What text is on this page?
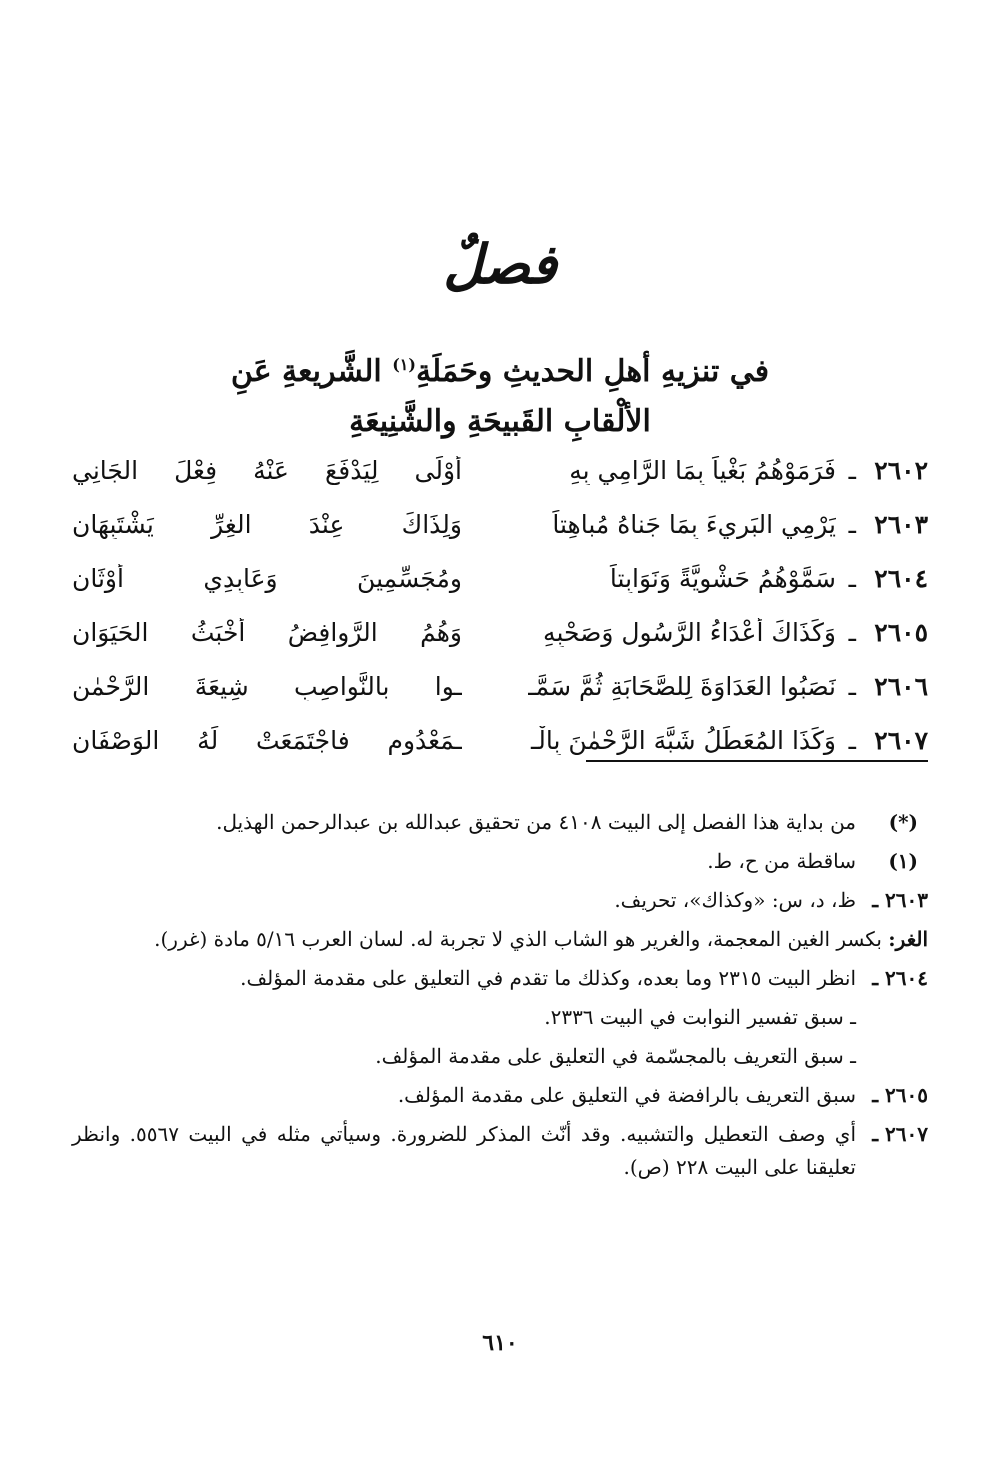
فصلٌ
في تنزيهِ أهلِ الحديثِ وحَمَلَةِ$^{(١)}$ الشَّريعةِ عَنِ
الألْقابِ القَبيحَةِ والشَّنِيعَةِ
٢٦٠٢
ـ
فَرَمَوْهُمُ بَغْياً بِمَا الرَّامِي بِهِ
أوْلَى لِيَدْفَعَ عَنْهُ فِعْلَ الجَانِي
٢٦٠٣
ـ
يَرْمِي البَرِيءَ بِمَا جَناهُ مُباهِتاً
وَلِذَاكَ عِنْدَ الغِرِّ يَشْتَبِهَانِ
٢٦٠٤
ـ
سَمَّوْهُمُ حَشْوِيَّةً وَنَوَابِتاً
ومُجَسِّمِينَ وَعَابِدِي أوْثَانِ
٢٦٠٥
ـ
وَكَذَاكَ أعْدَاءُ الرَّسُولِ وَصَحْبِهِ
وَهُمُ الرَّوافِضُ أخْبَثُ الحَيَوَانِ
٢٦٠٦
ـ
نَصَبُوا العَدَاوَةَ لِلصَّحَابَةِ ثُمَّ سَمَّـ
ـوا بالنَّواصِبِ شِيعَةَ الرَّحْمٰنِ
٢٦٠٧
ـ
وَكَذَا المُعَطِّلُ شَبَّهَ الرَّحْمٰنَ بِالْـ
ـمَعْدُومِ فاجْتَمَعَتْ لَهُ الوَصْفَانِ
(*)
من بداية هذا الفصل إلى البيت ٤١٠٨ من تحقيق عبدالله بن عبدالرحمن الهذيل.
(١)
ساقطة من ح، ط.
٢٦٠٣ ـ
ظ، د، س: «وكذاك»، تحريف.
الغر: بكسر الغين المعجمة، والغرير هو الشاب الذي لا تجربة له. لسان العرب ٥/١٦ مادة (غرر).
٢٦٠٤ ـ
انظر البيت ٢٣١٥ وما بعده، وكذلك ما تقدم في التعليق على مقدمة المؤلف.
ـ سبق تفسير النوابت في البيت ٢٣٣٦.
ـ سبق التعريف بالمجسّمة في التعليق على مقدمة المؤلف.
٢٦٠٥ ـ
سبق التعريف بالرافضة في التعليق على مقدمة المؤلف.
٢٦٠٧ ـ
أي وصف التعطيل والتشبيه. وقد أنّث المذكر للضرورة. وسيأتي مثله في البيت ٥٥٦٧. وانظر تعليقنا على البيت ٢٢٨ (ص).
٦١٠
